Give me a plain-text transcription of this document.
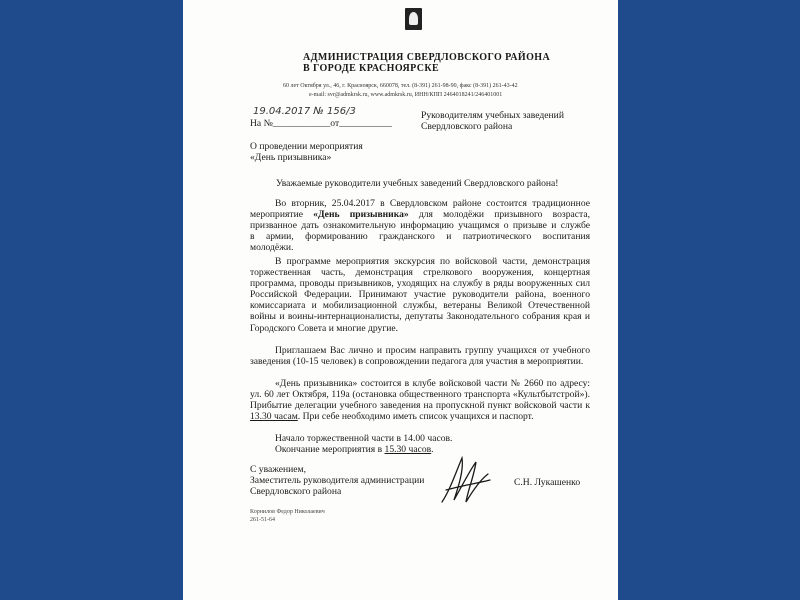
АДМИНИСТРАЦИЯ СВЕРДЛОВСКОГО РАЙОНА
В ГОРОДЕ КРАСНОЯРСКЕ
60 лет Октября ул., 46, г. Красноярск, 660078, тел. (8-391) 261-98-90, факс (8-391) 261-43-42
e-mail: svr@admkrsk.ru, www.admkrsk.ru, ИНН/КПП 2464018241/246401001
19.04.2017 № 156/3
На №____________от___________
Руководителям учебных заведений
Свердловского района
О проведении мероприятия
«День призывника»
Уважаемые руководители учебных заведений Свердловского района!
Во вторник, 25.04.2017 в Свердловском районе состоится традиционное
мероприятие «День призывника» для молодёжи призывного возраста,
призванное дать ознакомительную информацию учащимся о призыве и службе
в армии, формированию гражданского и патриотического воспитания
молодёжи.
В программе мероприятия экскурсия по войсковой части, демонстрация торжественная часть, демонстрация стрелкового вооружения, концертная программа, проводы призывников, уходящих на службу в ряды вооруженных сил Российской Федерации. Принимают участие руководители района, военного комиссариата и мобилизационной службы, ветераны Великой Отечественной войны и воины-интернационалисты, депутаты Законодательного собрания края и Городского Совета и многие другие.
Приглашаем Вас лично и просим направить группу учащихся от учебного заведения (10-15 человек) в сопровождении педагога для участия в мероприятии.
«День призывника» состоится в клубе войсковой части № 2660 по адресу: ул. 60 лет Октября, 119а (остановка общественного транспорта «Культбытстрой»). Прибытие делегации учебного заведения на пропускной пункт войсковой части к 13.30 часам. При себе необходимо иметь список учащихся и паспорт.
Начало торжественной части в 14.00 часов.
Окончание мероприятия в 15.30 часов.
С уважением,
Заместитель руководителя администрации
Свердловского района
С.Н. Лукашенко
Корнилов Федор Николаевич
261-51-64
